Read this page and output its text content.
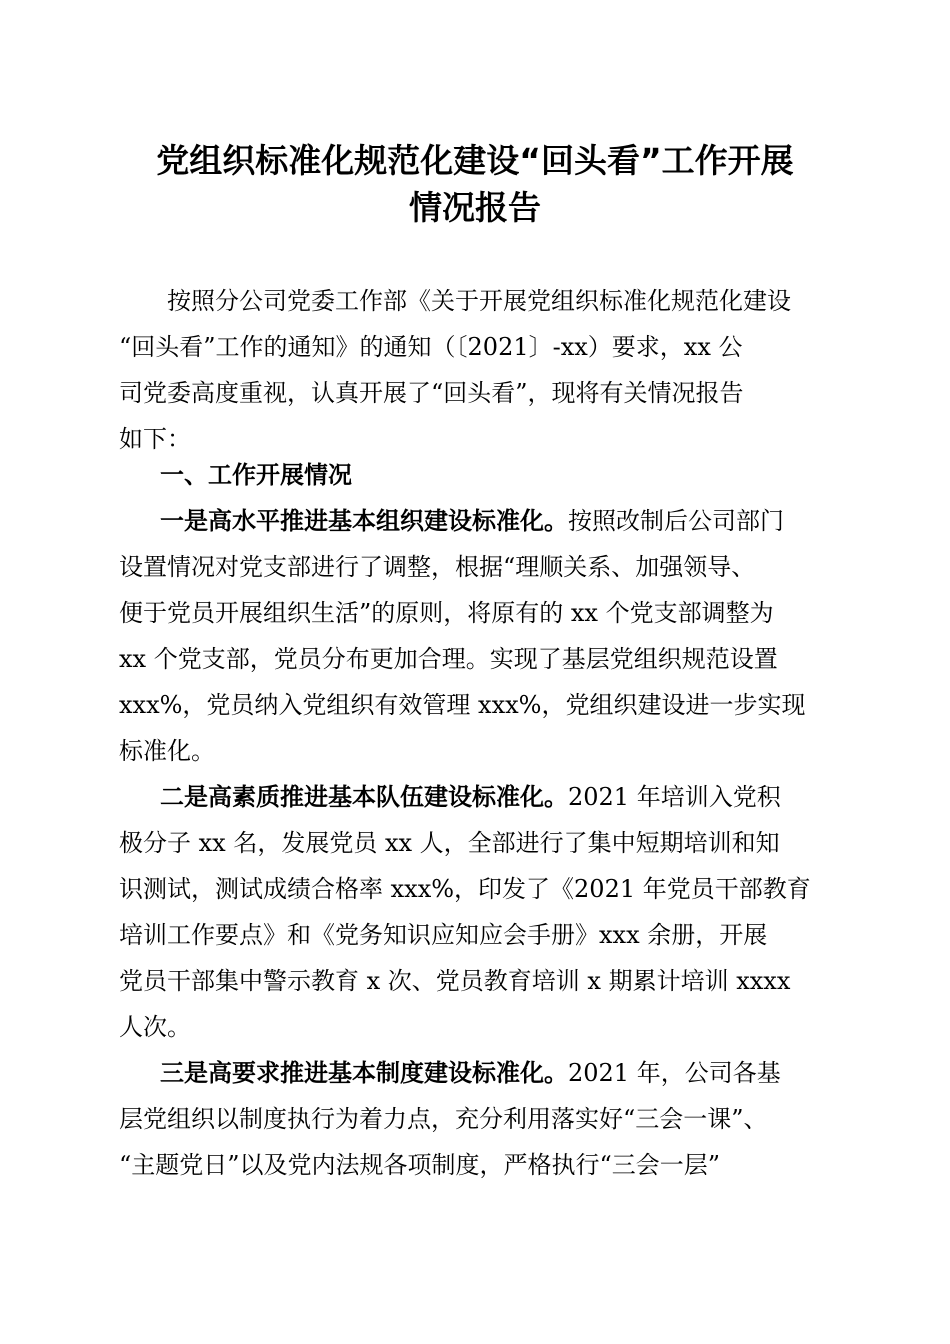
党组织标准化规范化建设“回头看”工作开展
情况报告

按照分公司党委工作部《关于开展党组织标准化规范化建设

“回头看”工作的通知》的通知（〔2021〕-xx）要求，xx 公

司党委高度重视，认真开展了“回头看”，现将有关情况报告

如下：

一、工作开展情况

一是高水平推进基本组织建设标准化。按照改制后公司部门

设置情况对党支部进行了调整，根据“理顺关系、加强领导、

便于党员开展组织生活”的原则，将原有的 xx 个党支部调整为

xx 个党支部，党员分布更加合理。实现了基层党组织规范设置

xxx%，党员纳入党组织有效管理 xxx%，党组织建设进一步实现

标准化。

二是高素质推进基本队伍建设标准化。2021 年培训入党积

极分子 xx 名，发展党员 xx 人，全部进行了集中短期培训和知

识测试，测试成绩合格率 xxx%，印发了《2021 年党员干部教育

培训工作要点》和《党务知识应知应会手册》xxx 余册，开展

党员干部集中警示教育 x 次、党员教育培训 x 期累计培训 xxxx

人次。

三是高要求推进基本制度建设标准化。2021 年，公司各基

层党组织以制度执行为着力点，充分利用落实好“三会一课”、

“主题党日”以及党内法规各项制度，严格执行“三会一层”
